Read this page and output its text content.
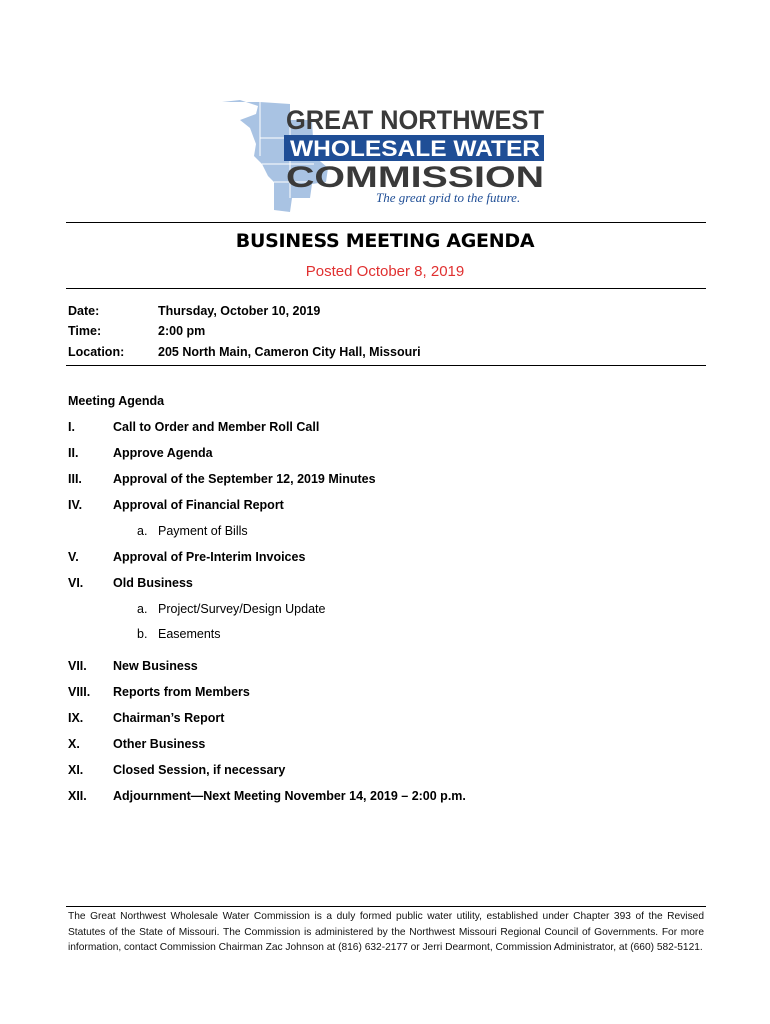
GREAT NORTHWEST
WHOLESALE WATER
COMMISSION
The great grid to the future.
BUSINESS MEETING AGENDA
Posted October 8, 2019
Date:	Thursday, October 10, 2019
Time:	2:00 pm
Location:	205 North Main, Cameron City Hall, Missouri
Meeting Agenda
I.	Call to Order and Member Roll Call
II.	Approve Agenda
III. Approval of the September 12, 2019 Minutes
IV. Approval of Financial Report
a. Payment of Bills
V.	Approval of Pre-Interim Invoices
VI. Old Business
a. Project/Survey/Design Update
b. Easements
VII. New Business
VIII. Reports from Members
IX. Chairman’s Report
X.	Other Business
XI. Closed Session, if necessary
XII. Adjournment—Next Meeting November 14, 2019 – 2:00 p.m.
The Great Northwest Wholesale Water Commission is a duly formed public water utility, established under Chapter 393 of the Revised Statutes of the State of Missouri. The Commission is administered by the Northwest Missouri Regional Council of Governments. For more information, contact Commission Chairman Zac Johnson at (816) 632-2177 or Jerri Dearmont, Commission Administrator, at (660) 582-5121.
